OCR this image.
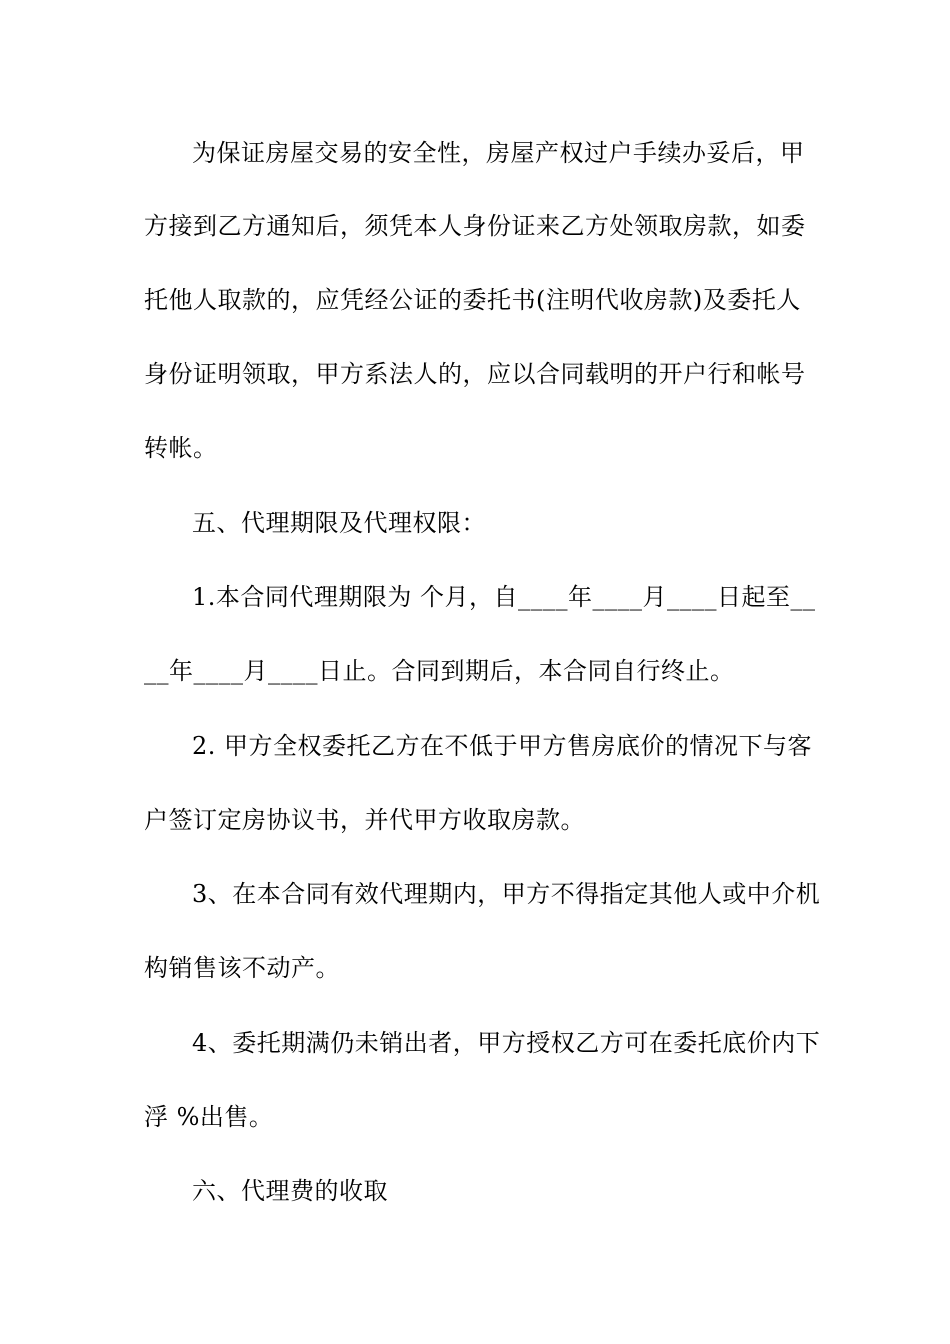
为保证房屋交易的安全性，房屋产权过户手续办妥后，甲
方接到乙方通知后，须凭本人身份证来乙方处领取房款，如委
托他人取款的，应凭经公证的委托书(注明代收房款)及委托人
身份证明领取，甲方系法人的，应以合同载明的开户行和帐号
转帐。
五、代理期限及代理权限：
1.本合同代理期限为 个月，自____年____月____日起至__
__年____月____日止。合同到期后，本合同自行终止。
2. 甲方全权委托乙方在不低于甲方售房底价的情况下与客
户签订定房协议书，并代甲方收取房款。
3、在本合同有效代理期内，甲方不得指定其他人或中介机
构销售该不动产。
4、委托期满仍未销出者，甲方授权乙方可在委托底价内下
浮 %出售。
六、代理费的收取
